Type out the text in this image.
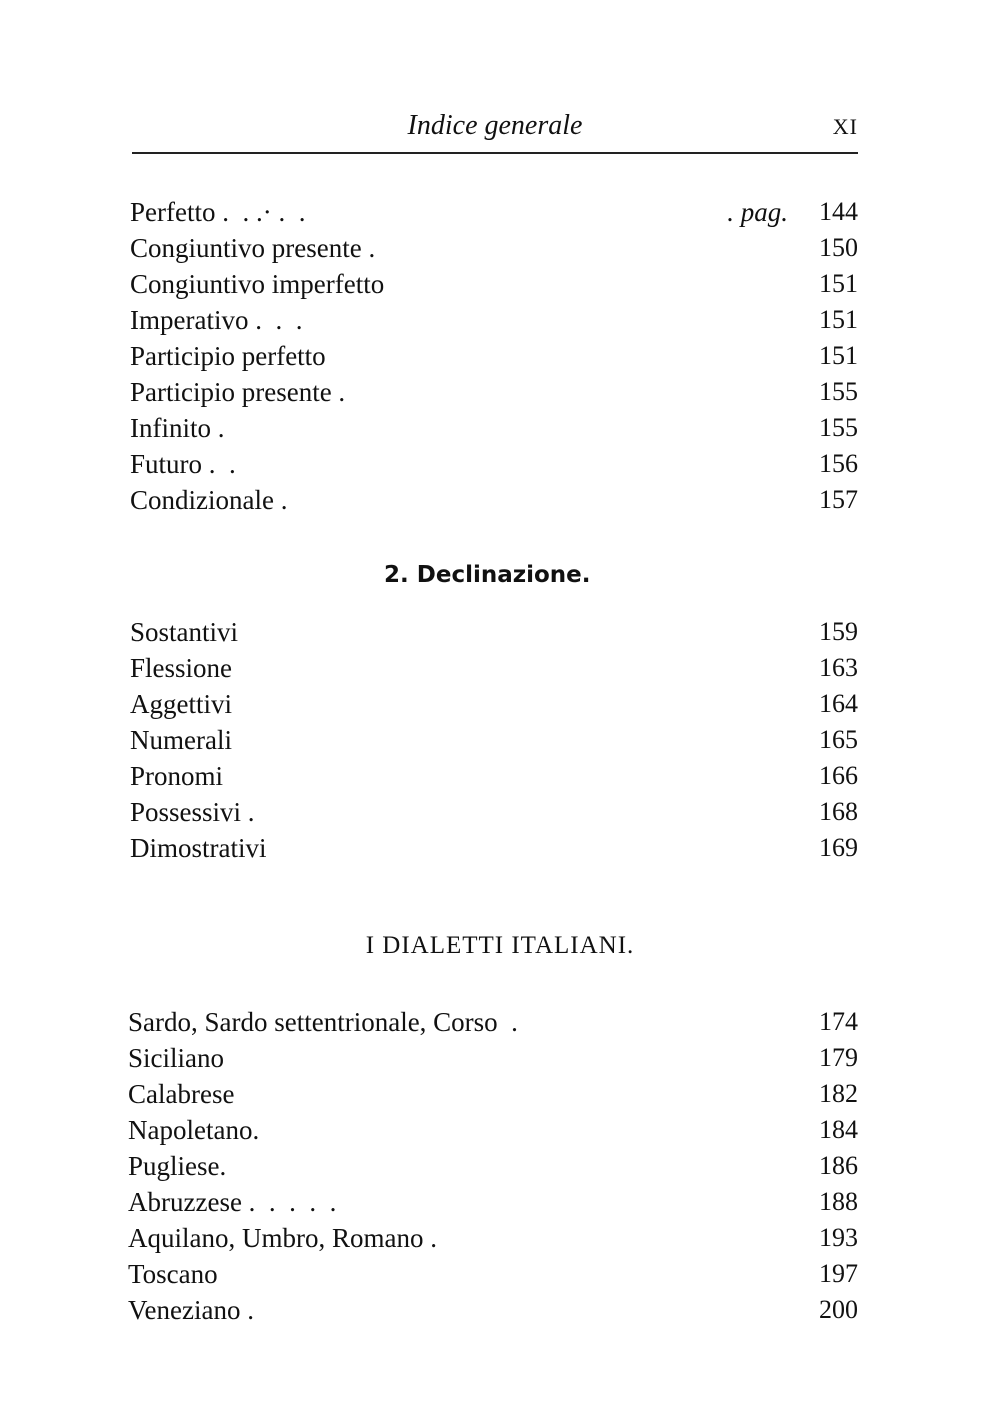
Indice generale	XI
Perfetto .  . .· .  .	. pag. 144
Congiuntivo presente .	150
Congiuntivo imperfetto	151
Imperativo .  .  .	151
Participio perfetto	151
Participio presente .	155
Infinito .	155
Futuro .  .	156
Condizionale .	157
2. Declinazione.
Sostantivi	159
Flessione	163
Aggettivi	164
Numerali	165
Pronomi	166
Possessivi .	168
Dimostrativi	169
I DIALETTI ITALIANI.
Sardo, Sardo settentrionale, Corso  .	174
Siciliano	179
Calabrese	182
Napoletano.	184
Pugliese.	186
Abruzzese .  .  .  .  .	188
Aquilano, Umbro, Romano .	193
Toscano	197
Veneziano .	200
